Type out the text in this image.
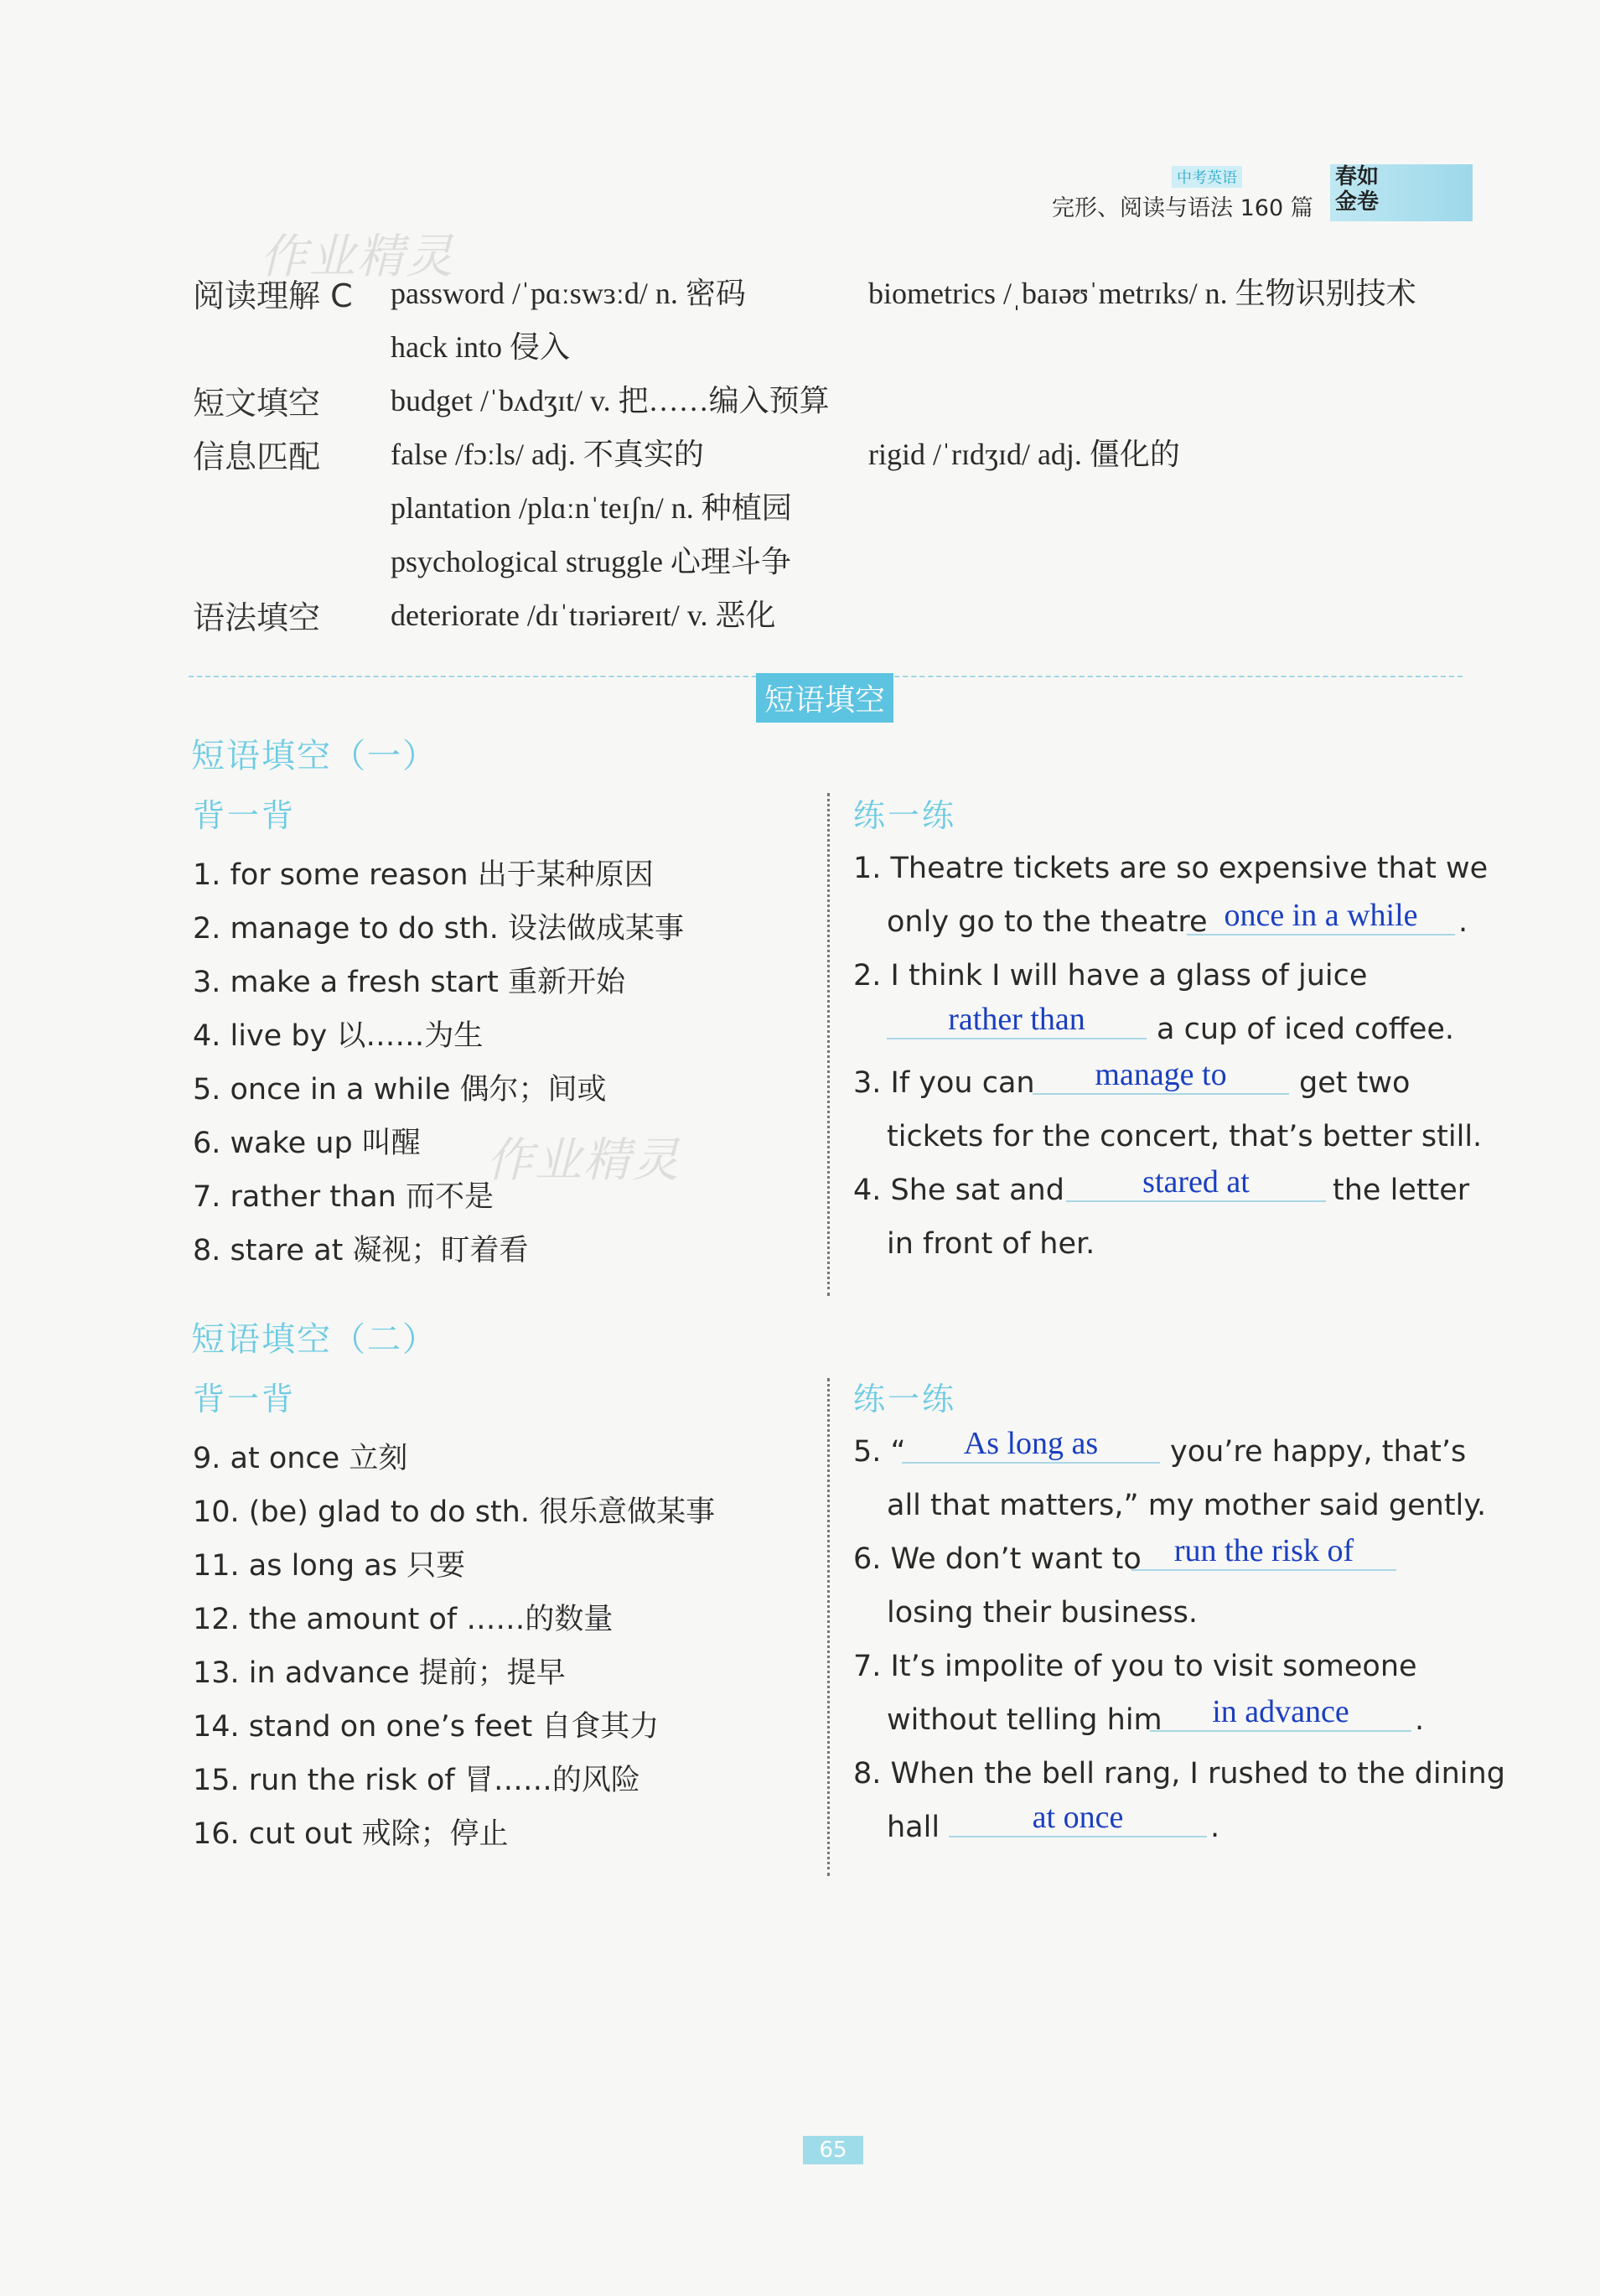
春如
金卷
中考英语
完形、阅读与语法 160 篇
作业精灵
作业精灵
阅读理解 C password /ˈpɑːswɜːd/ n. 密码	biometrics /ˌbaɪəʊˈmetrɪks/ n. 生物识别技术
hack into 侵入
短文填空 budget /ˈbʌdʒɪt/ v. 把……编入预算
信息匹配 false /fɔːls/ adj. 不真实的	rigid /ˈrɪdʒɪd/ adj. 僵化的
plantation /plɑːnˈteɪʃn/ n. 种植园
psychological struggle 心理斗争
语法填空 deteriorate /dɪˈtɪəriəreɪt/ v. 恶化
短语填空
短语填空（一）
背一背	练一练
1. for some reason 出于某种原因
2. manage to do sth. 设法做成某事
3. make a fresh start 重新开始
4. live by 以……为生
5. once in a while 偶尔；间或
6. wake up 叫醒
7. rather than 而不是
8. stare at 凝视；盯着看
1. Theatre tickets are so expensive that we
only go to the theatre once in a while	.
2. I think I will have a glass of juice
rather than	a cup of iced coffee.
3. If you can	manage to	get two
tickets for the concert, that’s better still.
4. She sat and	stared at	the letter
in front of her.
短语填空（二）
背一背	练一练
9. at once 立刻
10. (be) glad to do sth. 很乐意做某事
11. as long as 只要
12. the amount of ……的数量
13. in advance 提前；提早
14. stand on one’s feet 自食其力
15. run the risk of 冒……的风险
16. cut out 戒除；停止
5. “	As long as	you’re happy, that’s
all that matters,” my mother said gently.
6. We don’t want to	run the risk of
losing their business.
7. It’s impolite of you to visit someone
without telling him	in advance	.
8. When the bell rang, I rushed to the dining
hall	at once	.
65
